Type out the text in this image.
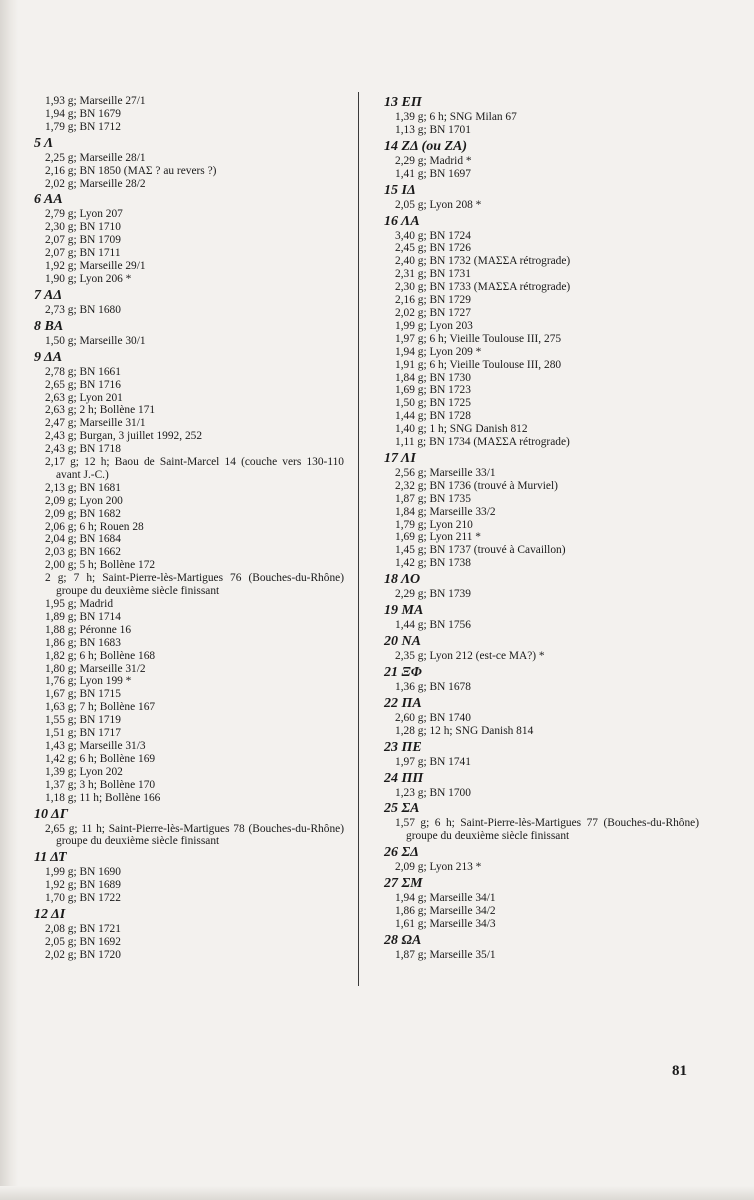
1,93 g; Marseille 27/1
1,94 g; BN 1679
1,79 g; BN 1712
5 Λ
2,25 g; Marseille 28/1
2,16 g; BN 1850 (ΜΑΣ ? au revers ?)
2,02 g; Marseille 28/2
6 ΑΑ
2,79 g; Lyon 207
2,30 g; BN 1710
2,07 g; BN 1709
2,07 g; BN 1711
1,92 g; Marseille 29/1
1,90 g; Lyon 206 *
7 ΑΔ
2,73 g; BN 1680
8 ΒΑ
1,50 g; Marseille 30/1
9 ΔΑ
2,78 g; BN 1661
2,65 g; BN 1716
2,63 g; Lyon 201
2,63 g; 2 h; Bollène 171
2,47 g; Marseille 31/1
2,43 g; Burgan, 3 juillet 1992, 252
2,43 g; BN 1718
2,17 g; 12 h; Baou de Saint-Marcel 14 (couche vers 130-110 avant J.-C.)
2,13 g; BN 1681
2,09 g; Lyon 200
2,09 g; BN 1682
2,06 g; 6 h; Rouen 28
2,04 g; BN 1684
2,03 g; BN 1662
2,00 g; 5 h; Bollène 172
2 g; 7 h; Saint-Pierre-lès-Martigues 76 (Bouches-du-Rhône) groupe du deuxième siècle finissant
1,95 g; Madrid
1,89 g; BN 1714
1,88 g; Péronne 16
1,86 g; BN 1683
1,82 g; 6 h; Bollène 168
1,80 g; Marseille 31/2
1,76 g; Lyon 199 *
1,67 g; BN 1715
1,63 g; 7 h; Bollène 167
1,55 g; BN 1719
1,51 g; BN 1717
1,43 g; Marseille 31/3
1,42 g; 6 h; Bollène 169
1,39 g; Lyon 202
1,37 g; 3 h; Bollène 170
1,18 g; 11 h; Bollène 166
10 ΔΓ
2,65 g; 11 h; Saint-Pierre-lès-Martigues 78 (Bouches-du-Rhône) groupe du deuxième siècle finissant
11 ΔΤ
1,99 g; BN 1690
1,92 g; BN 1689
1,70 g; BN 1722
12 ΔΙ
2,08 g; BN 1721
2,05 g; BN 1692
2,02 g; BN 1720
13 ΕΠ
1,39 g; 6 h; SNG Milan 67
1,13 g; BN 1701
14 ΖΔ (ou ΖΑ)
2,29 g; Madrid *
1,41 g; BN 1697
15 ΙΔ
2,05 g; Lyon 208 *
16 ΛΑ
3,40 g; BN 1724
2,45 g; BN 1726
2,40 g; BN 1732 (ΜΑΣΣΑ rétrograde)
2,31 g; BN 1731
2,30 g; BN 1733 (ΜΑΣΣΑ rétrograde)
2,16 g; BN 1729
2,02 g; BN 1727
1,99 g; Lyon 203
1,97 g; 6 h; Vieille Toulouse III, 275
1,94 g; Lyon 209 *
1,91 g; 6 h; Vieille Toulouse III, 280
1,84 g; BN 1730
1,69 g; BN 1723
1,50 g; BN 1725
1,44 g; BN 1728
1,40 g; 1 h; SNG Danish 812
1,11 g; BN 1734 (ΜΑΣΣΑ rétrograde)
17 ΛΙ
2,56 g; Marseille 33/1
2,32 g; BN 1736 (trouvé à Murviel)
1,87 g; BN 1735
1,84 g; Marseille 33/2
1,79 g; Lyon 210
1,69 g; Lyon 211 *
1,45 g; BN 1737 (trouvé à Cavaillon)
1,42 g; BN 1738
18 ΛΟ
2,29 g; BN 1739
19 ΜΑ
1,44 g; BN 1756
20 ΝΑ
2,35 g; Lyon 212 (est-ce ΜΑ?) *
21 ΞΦ
1,36 g; BN 1678
22 ΠΑ
2,60 g; BN 1740
1,28 g; 12 h; SNG Danish 814
23 ΠΕ
1,97 g; BN 1741
24 ΠΠ
1,23 g; BN 1700
25 ΣΑ
1,57 g; 6 h; Saint-Pierre-lès-Martigues 77 (Bouches-du-Rhône) groupe du deuxième siècle finissant
26 ΣΔ
2,09 g; Lyon 213 *
27 ΣΜ
1,94 g; Marseille 34/1
1,86 g; Marseille 34/2
1,61 g; Marseille 34/3
28 ΩΑ
1,87 g; Marseille 35/1
81
